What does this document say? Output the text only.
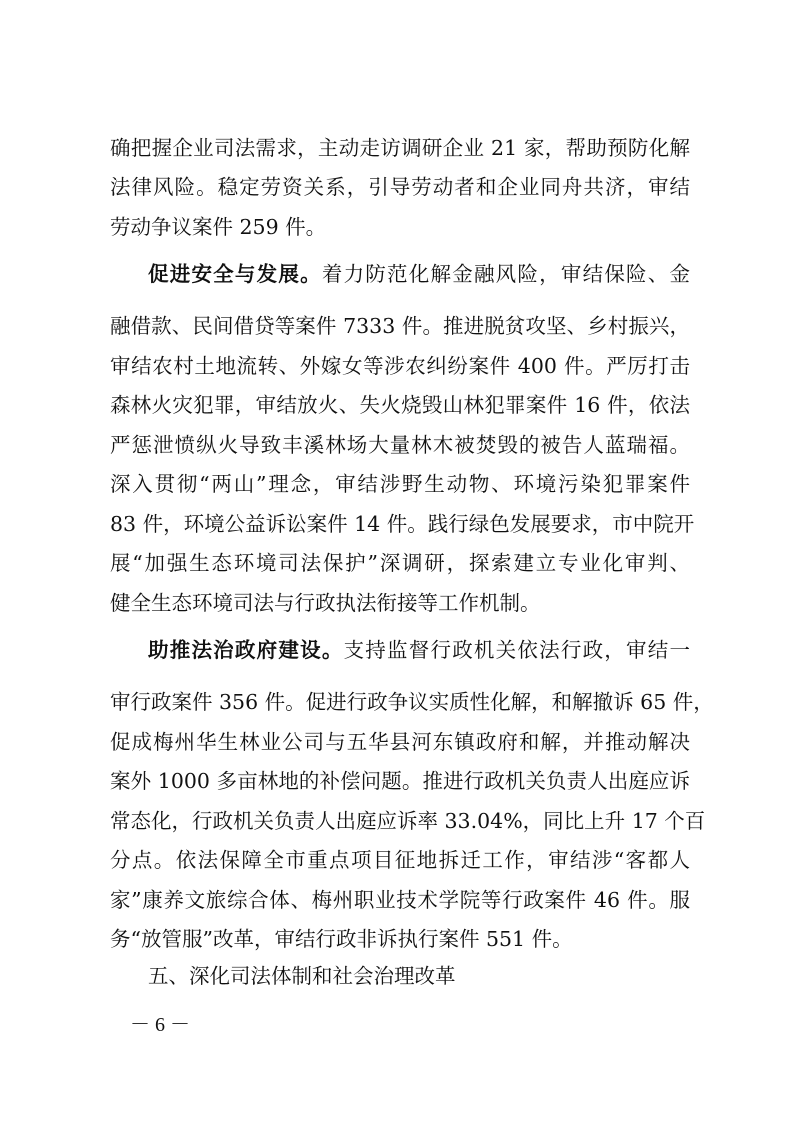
确把握企业司法需求，主动走访调研企业 21 家，帮助预防化解
法律风险。稳定劳资关系，引导劳动者和企业同舟共济，审结
劳动争议案件 259 件。
促进安全与发展。着力防范化解金融风险，审结保险、金
融借款、民间借贷等案件 7333 件。推进脱贫攻坚、乡村振兴，
审结农村土地流转、外嫁女等涉农纠纷案件 400 件。严厉打击
森林火灾犯罪，审结放火、失火烧毁山林犯罪案件 16 件，依法
严惩泄愤纵火导致丰溪林场大量林木被焚毁的被告人蓝瑞福。
深入贯彻“两山”理念，审结涉野生动物、环境污染犯罪案件
83 件，环境公益诉讼案件 14 件。践行绿色发展要求，市中院开
展“加强生态环境司法保护”深调研，探索建立专业化审判、
健全生态环境司法与行政执法衔接等工作机制。
助推法治政府建设。支持监督行政机关依法行政，审结一
审行政案件 356 件。促进行政争议实质性化解，和解撤诉 65 件，
促成梅州华生林业公司与五华县河东镇政府和解，并推动解决
案外 1000 多亩林地的补偿问题。推进行政机关负责人出庭应诉
常态化，行政机关负责人出庭应诉率 33.04%，同比上升 17 个百
分点。依法保障全市重点项目征地拆迁工作，审结涉“客都人
家”康养文旅综合体、梅州职业技术学院等行政案件 46 件。服
务“放管服”改革，审结行政非诉执行案件 551 件。
五、深化司法体制和社会治理改革
－ 6 －
